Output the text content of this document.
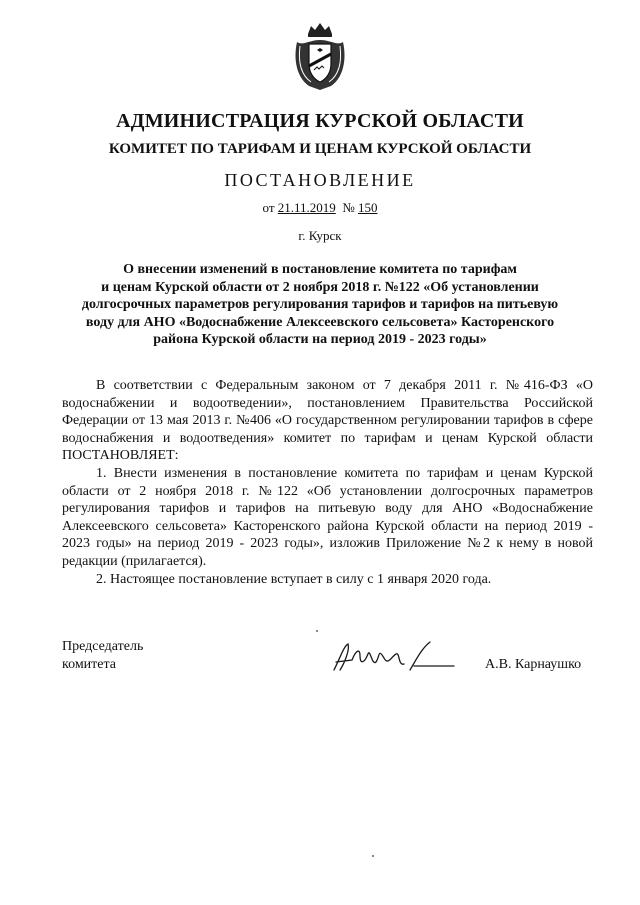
АДМИНИСТРАЦИЯ КУРСКОЙ ОБЛАСТИ
КОМИТЕТ ПО ТАРИФАМ И ЦЕНАМ КУРСКОЙ ОБЛАСТИ
ПОСТАНОВЛЕНИЕ
от 21.11.2019  № 150
г. Курск
О внесении изменений в постановление комитета по тарифам
и ценам Курской области от 2 ноября 2018 г. №122 «Об установлении
долгосрочных параметров регулирования тарифов и тарифов на питьевую
воду для АНО «Водоснабжение Алексеевского сельсовета» Касторенского
района Курской области на период 2019 - 2023 годы»

В соответствии с Федеральным законом от 7 декабря 2011 г. №416-ФЗ «О водоснабжении и водоотведении», постановлением Правительства Российской Федерации от 13 мая 2013 г. №406 «О государственном регулировании тарифов в сфере водоснабжения и водоотведения» комитет по тарифам и ценам Курской области ПОСТАНОВЛЯЕТ:

1. Внести изменения в постановление комитета по тарифам и ценам Курской области от 2 ноября 2018 г. №122 «Об установлении долгосрочных параметров регулирования тарифов и тарифов на питьевую воду для АНО «Водоснабжение Алексеевского сельсовета» Касторенского района Курской области на период 2019 - 2023 годы» на период 2019 - 2023 годы», изложив Приложение №2 к нему в новой редакции (прилагается).

2. Настоящее постановление вступает в силу с 1 января 2020 года.

Председатель
комитета	А.В. Карнаушко
